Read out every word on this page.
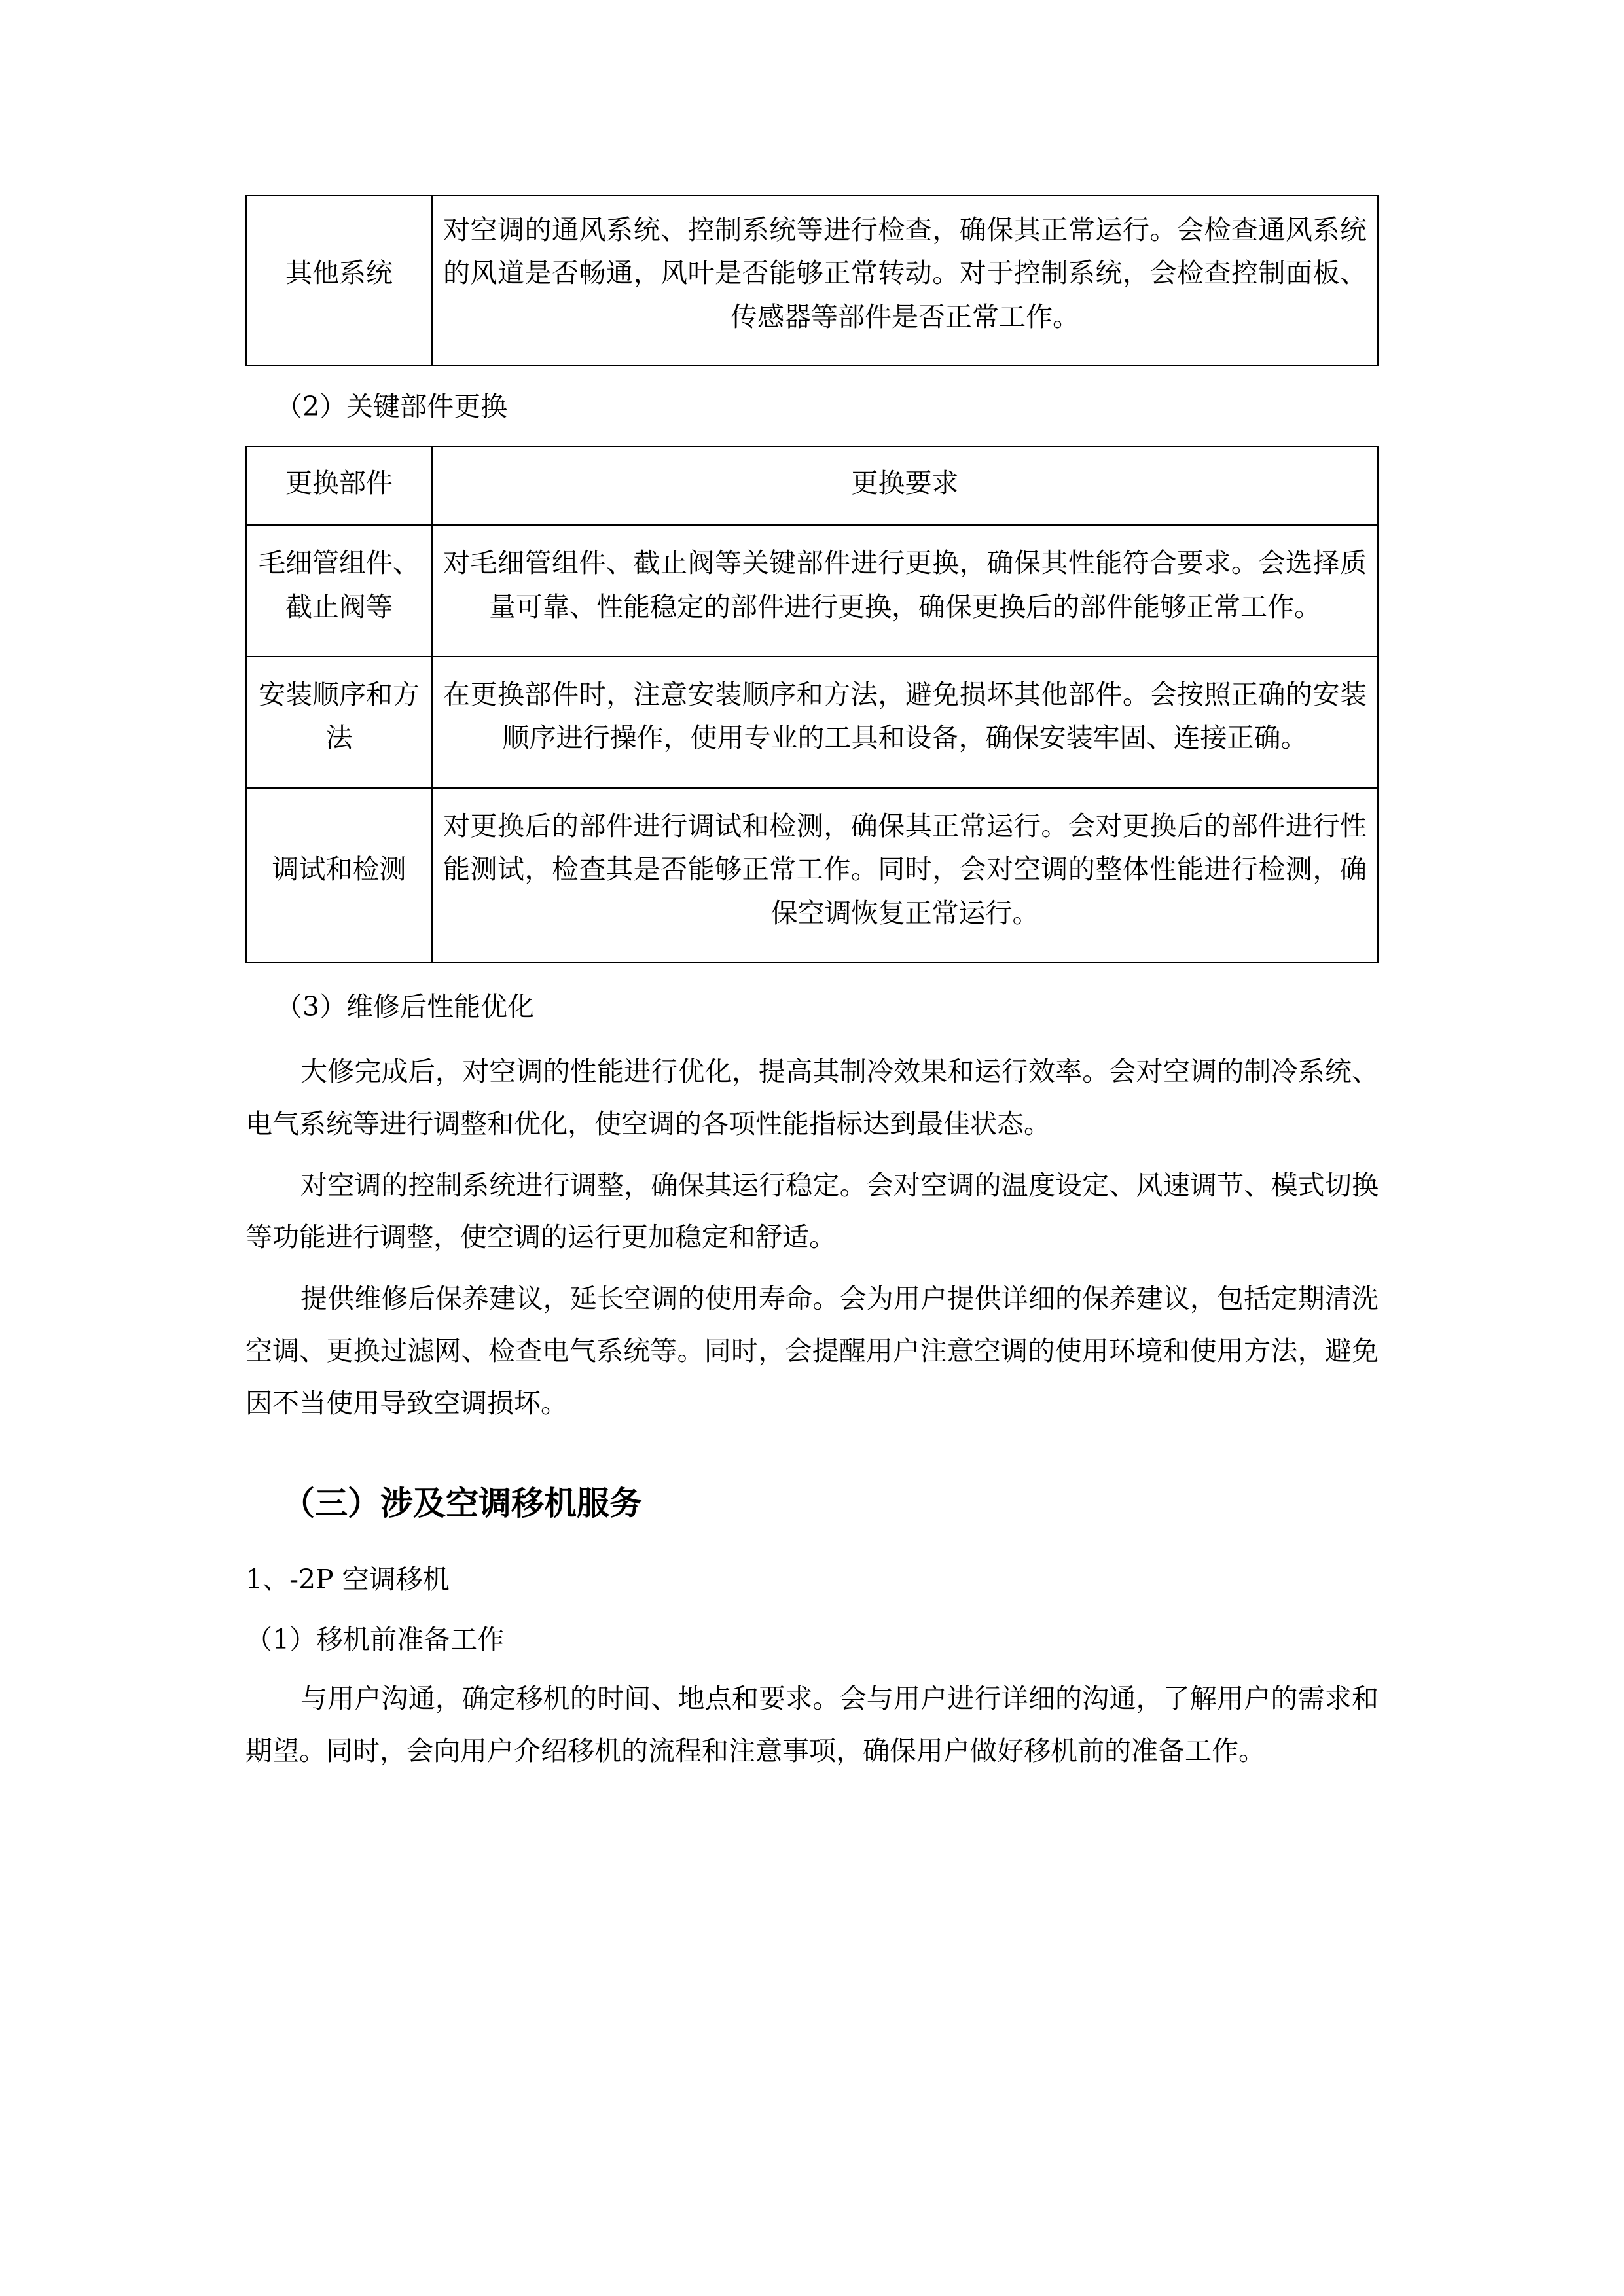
其他系统	对空调的通风系统、控制系统等进行检查，确保其正常运行。会检查通风系统的风道是否畅通，风叶是否能够正常转动。对于控制系统，会检查控制面板、传感器等部件是否正常工作。
（2）关键部件更换
更换部件	更换要求
毛细管组件、截止阀等	对毛细管组件、截止阀等关键部件进行更换，确保其性能符合要求。会选择质量可靠、性能稳定的部件进行更换，确保更换后的部件能够正常工作。
安装顺序和方法	在更换部件时，注意安装顺序和方法，避免损坏其他部件。会按照正确的安装顺序进行操作，使用专业的工具和设备，确保安装牢固、连接正确。
调试和检测	对更换后的部件进行调试和检测，确保其正常运行。会对更换后的部件进行性能测试，检查其是否能够正常工作。同时，会对空调的整体性能进行检测，确保空调恢复正常运行。
（3）维修后性能优化

大修完成后，对空调的性能进行优化，提高其制冷效果和运行效率。会对空调的制冷系统、电气系统等进行调整和优化，使空调的各项性能指标达到最佳状态。

对空调的控制系统进行调整，确保其运行稳定。会对空调的温度设定、风速调节、模式切换等功能进行调整，使空调的运行更加稳定和舒适。

提供维修后保养建议，延长空调的使用寿命。会为用户提供详细的保养建议，包括定期清洗空调、更换过滤网、检查电气系统等。同时，会提醒用户注意空调的使用环境和使用方法，避免因不当使用导致空调损坏。

（三）涉及空调移机服务
1、-2P 空调移机
（1）移机前准备工作

与用户沟通，确定移机的时间、地点和要求。会与用户进行详细的沟通，了解用户的需求和期望。同时，会向用户介绍移机的流程和注意事项，确保用户做好移机前的准备工作。
